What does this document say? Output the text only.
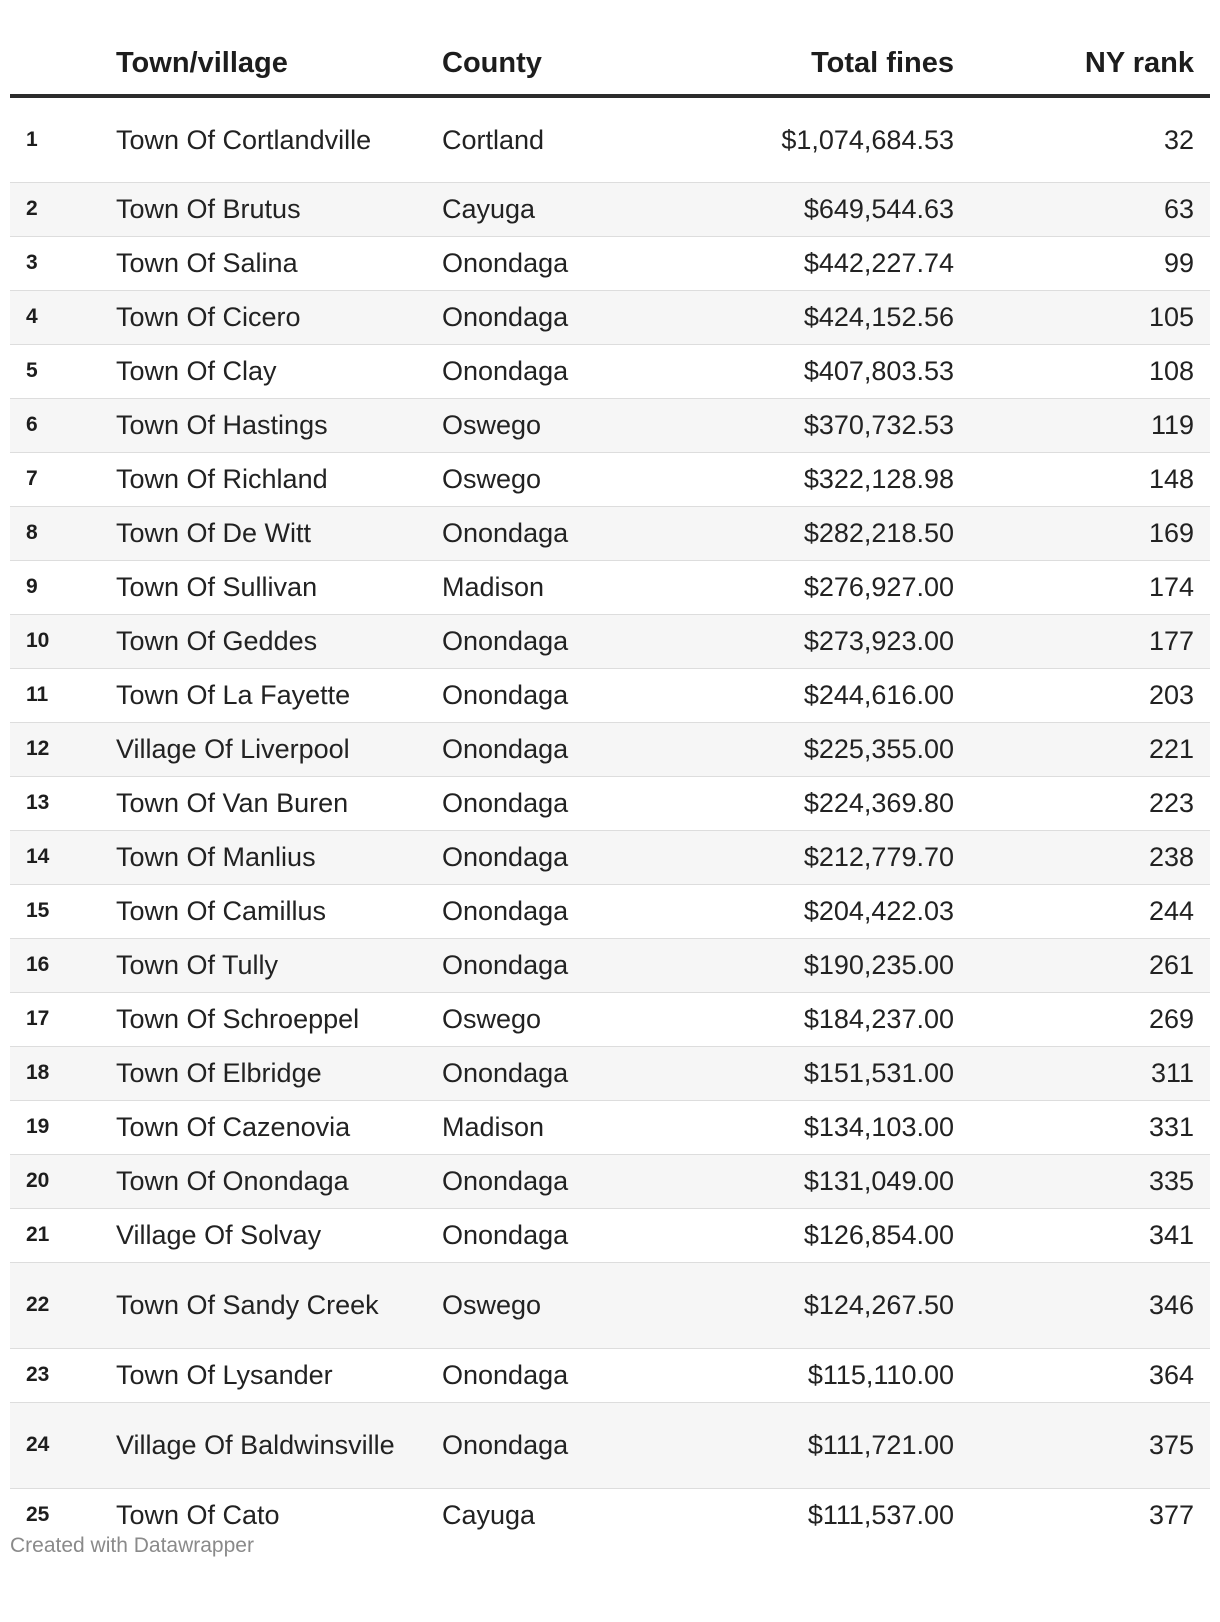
	Town/village	County	Total fines	NY rank
1	Town Of Cortlandville	Cortland	$1,074,684.53	32
2	Town Of Brutus	Cayuga	$649,544.63	63
3	Town Of Salina	Onondaga	$442,227.74	99
4	Town Of Cicero	Onondaga	$424,152.56	105
5	Town Of Clay	Onondaga	$407,803.53	108
6	Town Of Hastings	Oswego	$370,732.53	119
7	Town Of Richland	Oswego	$322,128.98	148
8	Town Of De Witt	Onondaga	$282,218.50	169
9	Town Of Sullivan	Madison	$276,927.00	174
10	Town Of Geddes	Onondaga	$273,923.00	177
11	Town Of La Fayette	Onondaga	$244,616.00	203
12	Village Of Liverpool	Onondaga	$225,355.00	221
13	Town Of Van Buren	Onondaga	$224,369.80	223
14	Town Of Manlius	Onondaga	$212,779.70	238
15	Town Of Camillus	Onondaga	$204,422.03	244
16	Town Of Tully	Onondaga	$190,235.00	261
17	Town Of Schroeppel	Oswego	$184,237.00	269
18	Town Of Elbridge	Onondaga	$151,531.00	311
19	Town Of Cazenovia	Madison	$134,103.00	331
20	Town Of Onondaga	Onondaga	$131,049.00	335
21	Village Of Solvay	Onondaga	$126,854.00	341
22	Town Of Sandy Creek	Oswego	$124,267.50	346
23	Town Of Lysander	Onondaga	$115,110.00	364
24	Village Of Baldwinsville	Onondaga	$111,721.00	375
25	Town Of Cato	Cayuga	$111,537.00	377
Created with Datawrapper
